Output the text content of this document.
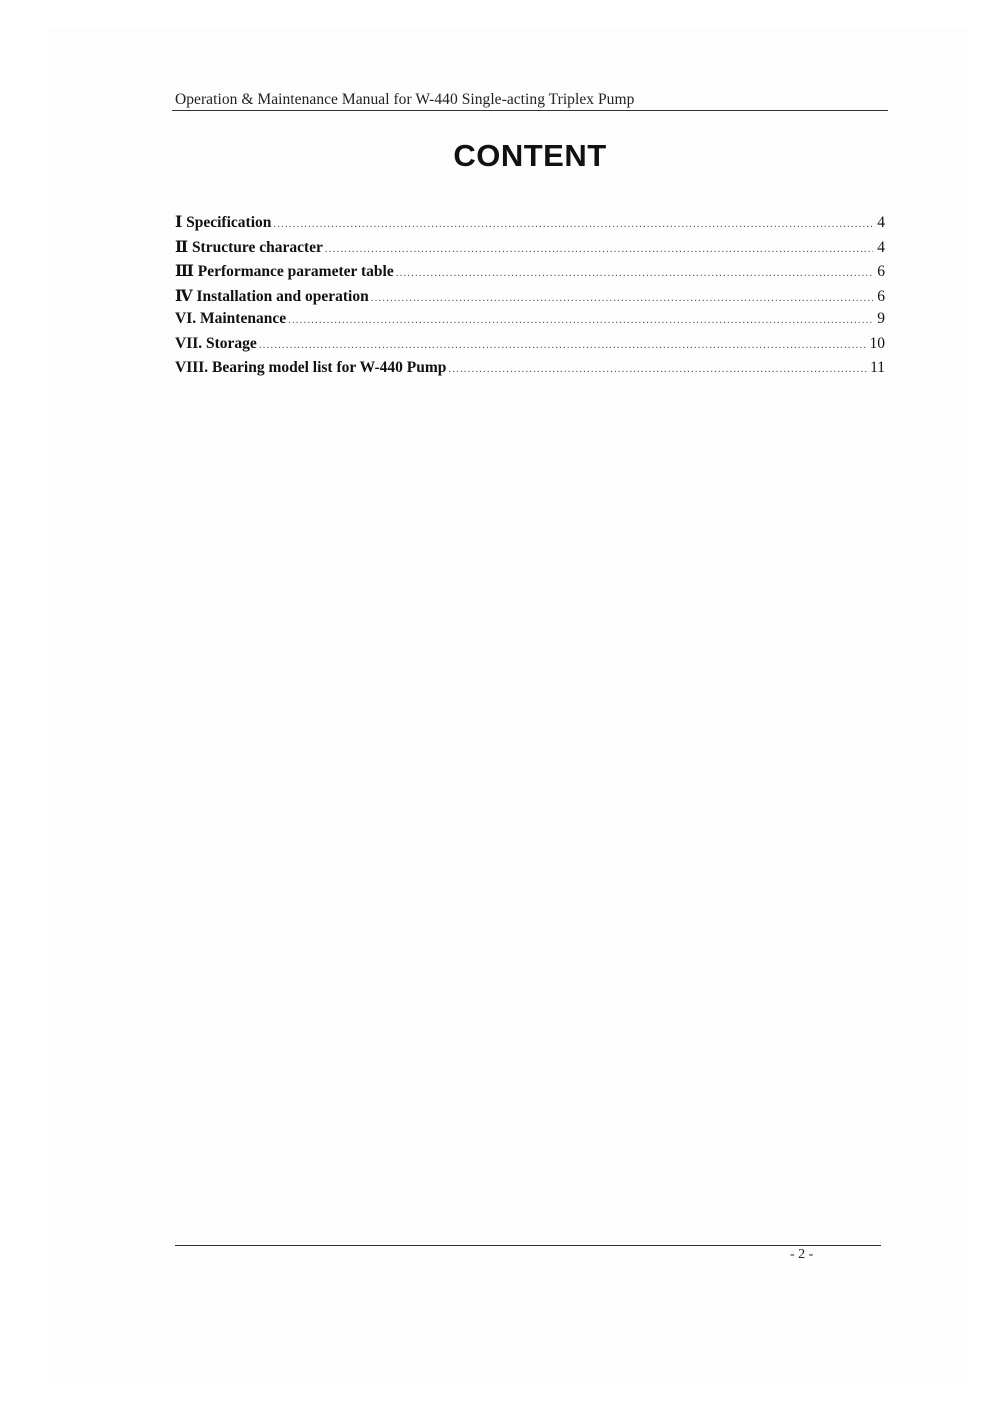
Operation & Maintenance Manual for W-440 Single-acting Triplex Pump
CONTENT
Ⅰ Specification .....	4
Ⅱ Structure character .....	4
Ⅲ Performance parameter table .....	6
Ⅳ Installation and operation .....	6
VI. Maintenance .....	9
VII. Storage .....	10
VIII. Bearing model list for W-440 Pump .....	11
- 2 -
